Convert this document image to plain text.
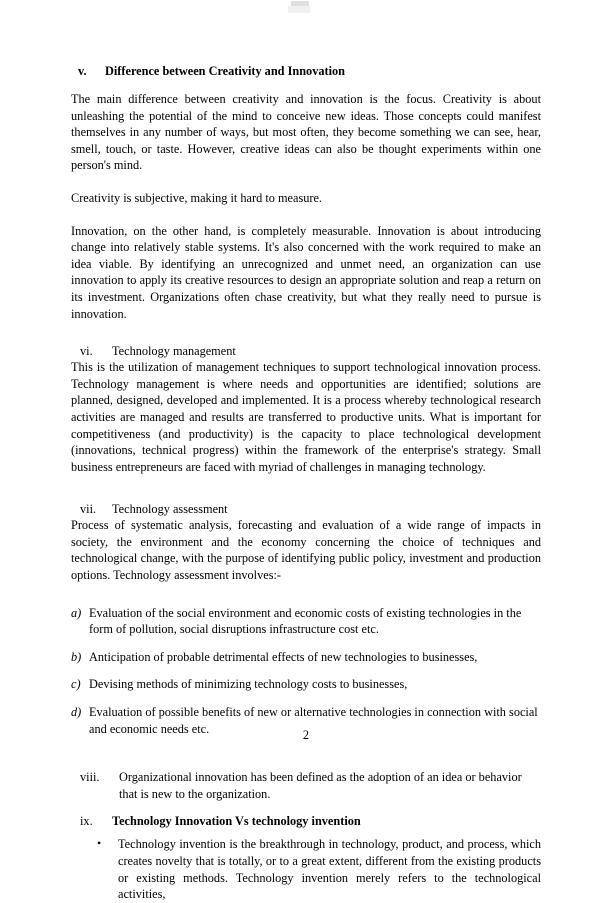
v.	Difference between Creativity and Innovation

The main difference between creativity and innovation is the focus. Creativity is about unleashing the potential of the mind to conceive new ideas. Those concepts could manifest themselves in any number of ways, but most often, they become something we can see, hear, smell, touch, or taste. However, creative ideas can also be thought experiments within one person's mind.

Creativity is subjective, making it hard to measure.

Innovation, on the other hand, is completely measurable. Innovation is about introducing change into relatively stable systems. It's also concerned with the work required to make an idea viable. By identifying an unrecognized and unmet need, an organization can use innovation to apply its creative resources to design an appropriate solution and reap a return on its investment. Organizations often chase creativity, but what they really need to pursue is innovation.

vi. Technology management

This is the utilization of management techniques to support technological innovation process. Technology management is where needs and opportunities are identified; solutions are planned, designed, developed and implemented. It is a process whereby technological research activities are managed and results are transferred to productive units. What is important for competitiveness (and productivity) is the capacity to place technological development (innovations, technical progress) within the framework of the enterprise's strategy. Small business entrepreneurs are faced with myriad of challenges in managing technology.

vii. Technology assessment

Process of systematic analysis, forecasting and evaluation of a wide range of impacts in society, the environment and the economy concerning the choice of techniques and technological change, with the purpose of identifying public policy, investment and production options. Technology assessment involves:-

a) Evaluation of the social environment and economic costs of existing technologies in the form of pollution, social disruptions infrastructure cost etc.
b) Anticipation of probable detrimental effects of new technologies to businesses,
c) Devising methods of minimizing technology costs to businesses,
d) Evaluation of possible benefits of new or alternative technologies in connection with social and economic needs etc.
viii. Organizational innovation has been defined as the adoption of an idea or behavior that is new to the organization.
ix. Technology Innovation Vs technology invention
• Technology invention is the breakthrough in technology, product, and process, which creates novelty that is totally, or to a great extent, different from the existing products or existing methods. Technology invention merely refers to the technological activities,
2
